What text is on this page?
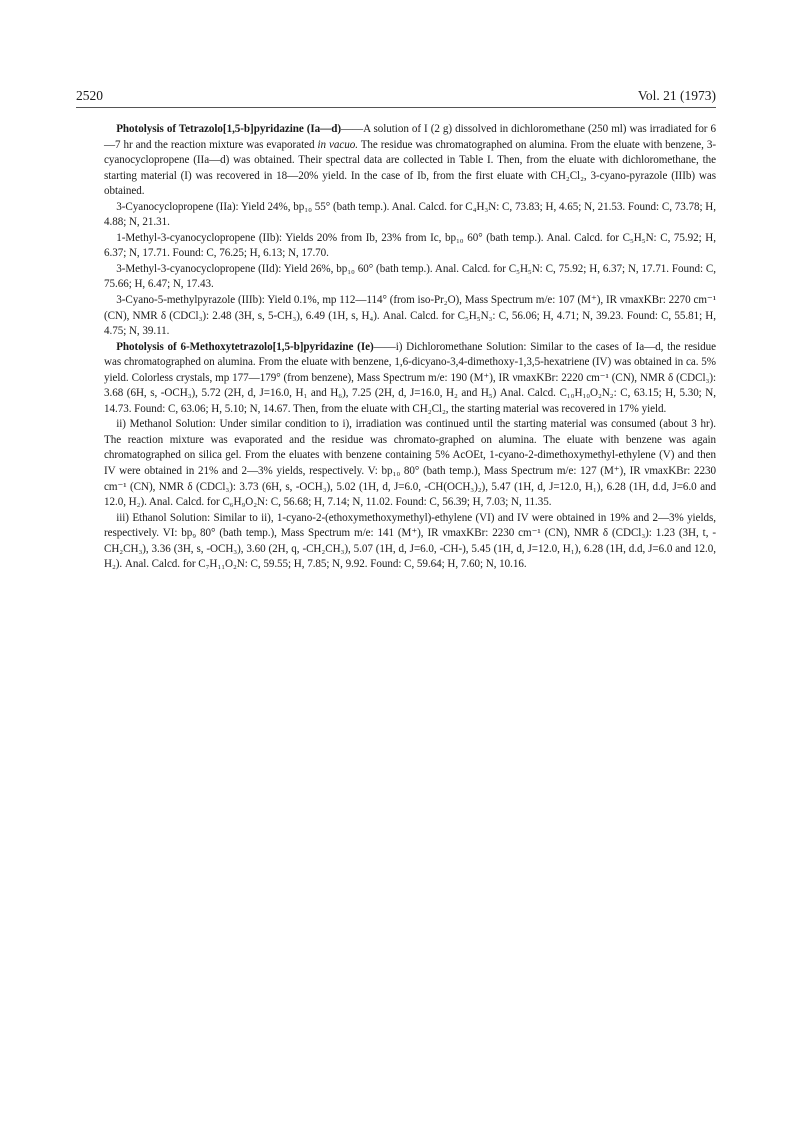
2520	Vol. 21 (1973)

Photolysis of Tetrazolo[1,5-b]pyridazine (Ia—d)——A solution of I (2 g) dissolved in dichloromethane (250 ml) was irradiated for 6—7 hr and the reaction mixture was evaporated in vacuo. The residue was chromatographed on alumina. From the eluate with benzene, 3-cyanocyclopropene (IIa—d) was obtained. Their spectral data are collected in Table I. Then, from the eluate with dichloromethane, the starting material (I) was recovered in 18—20% yield. In the case of Ib, from the first eluate with CH₂Cl₂, 3-cyano-pyrazole (IIIb) was obtained.

3-Cyanocyclopropene (IIa): Yield 24%, bp₁₀ 55° (bath temp.). Anal. Calcd. for C₄H₃N: C, 73.83; H, 4.65; N, 21.53. Found: C, 73.78; H, 4.88; N, 21.31.

1-Methyl-3-cyanocyclopropene (IIb): Yields 20% from Ib, 23% from Ic, bp₁₀ 60° (bath temp.). Anal. Calcd. for C₅H₅N: C, 75.92; H, 6.37; N, 17.71. Found: C, 76.25; H, 6.13; N, 17.70.

3-Methyl-3-cyanocyclopropene (IId): Yield 26%, bp₁₀ 60° (bath temp.). Anal. Calcd. for C₅H₅N: C, 75.92; H, 6.37; N, 17.71. Found: C, 75.66; H, 6.47; N, 17.43.

3-Cyano-5-methylpyrazole (IIIb): Yield 0.1%, mp 112—114° (from iso-Pr₂O), Mass Spectrum m/e: 107 (M⁺), IR νmaxKBr: 2270 cm⁻¹ (CN), NMR δ (CDCl₃): 2.48 (3H, s, 5-CH₃), 6.49 (1H, s, H₄). Anal. Calcd. for C₅H₅N₃: C, 56.06; H, 4.71; N, 39.23. Found: C, 55.81; H, 4.75; N, 39.11.

Photolysis of 6-Methoxytetrazolo[1,5-b]pyridazine (Ie)——i) Dichloromethane Solution: Similar to the cases of Ia—d, the residue was chromatographed on alumina. From the eluate with benzene, 1,6-dicyano-3,4-dimethoxy-1,3,5-hexatriene (IV) was obtained in ca. 5% yield. Colorless crystals, mp 177—179° (from benzene), Mass Spectrum m/e: 190 (M⁺), IR νmaxKBr: 2220 cm⁻¹ (CN), NMR δ (CDCl₃): 3.68 (6H, s, -OCH₃), 5.72 (2H, d, J=16.0, H₁ and H₆), 7.25 (2H, d, J=16.0, H₂ and H₅) Anal. Calcd. C₁₀H₁₀O₂N₂: C, 63.15; H, 5.30; N, 14.73. Found: C, 63.06; H, 5.10; N, 14.67. Then, from the eluate with CH₂Cl₂, the starting material was recovered in 17% yield.

ii) Methanol Solution: Under similar condition to i), irradiation was continued until the starting material was consumed (about 3 hr). The reaction mixture was evaporated and the residue was chromato-graphed on alumina. The eluate with benzene was again chromatographed on silica gel. From the eluates with benzene containing 5% AcOEt, 1-cyano-2-dimethoxymethyl-ethylene (V) and then IV were obtained in 21% and 2—3% yields, respectively. V: bp₁₀ 80° (bath temp.), Mass Spectrum m/e: 127 (M⁺), IR νmaxKBr: 2230 cm⁻¹ (CN), NMR δ (CDCl₃): 3.73 (6H, s, -OCH₃), 5.02 (1H, d, J=6.0, -CH(OCH₃)₂), 5.47 (1H, d, J=12.0, H₁), 6.28 (1H, d.d, J=6.0 and 12.0, H₂). Anal. Calcd. for C₆H₉O₂N: C, 56.68; H, 7.14; N, 11.02. Found: C, 56.39; H, 7.03; N, 11.35.

iii) Ethanol Solution: Similar to ii), 1-cyano-2-(ethoxymethoxymethyl)-ethylene (VI) and IV were obtained in 19% and 2—3% yields, respectively. VI: bp₉ 80° (bath temp.), Mass Spectrum m/e: 141 (M⁺), IR νmaxKBr: 2230 cm⁻¹ (CN), NMR δ (CDCl₃): 1.23 (3H, t, -CH₂CH₃), 3.36 (3H, s, -OCH₃), 3.60 (2H, q, -CH₂CH₃), 5.07 (1H, d, J=6.0, -CH-), 5.45 (1H, d, J=12.0, H₁), 6.28 (1H, d.d, J=6.0 and 12.0, H₂). Anal. Calcd. for C₇H₁₁O₂N: C, 59.55; H, 7.85; N, 9.92. Found: C, 59.64; H, 7.60; N, 10.16.
